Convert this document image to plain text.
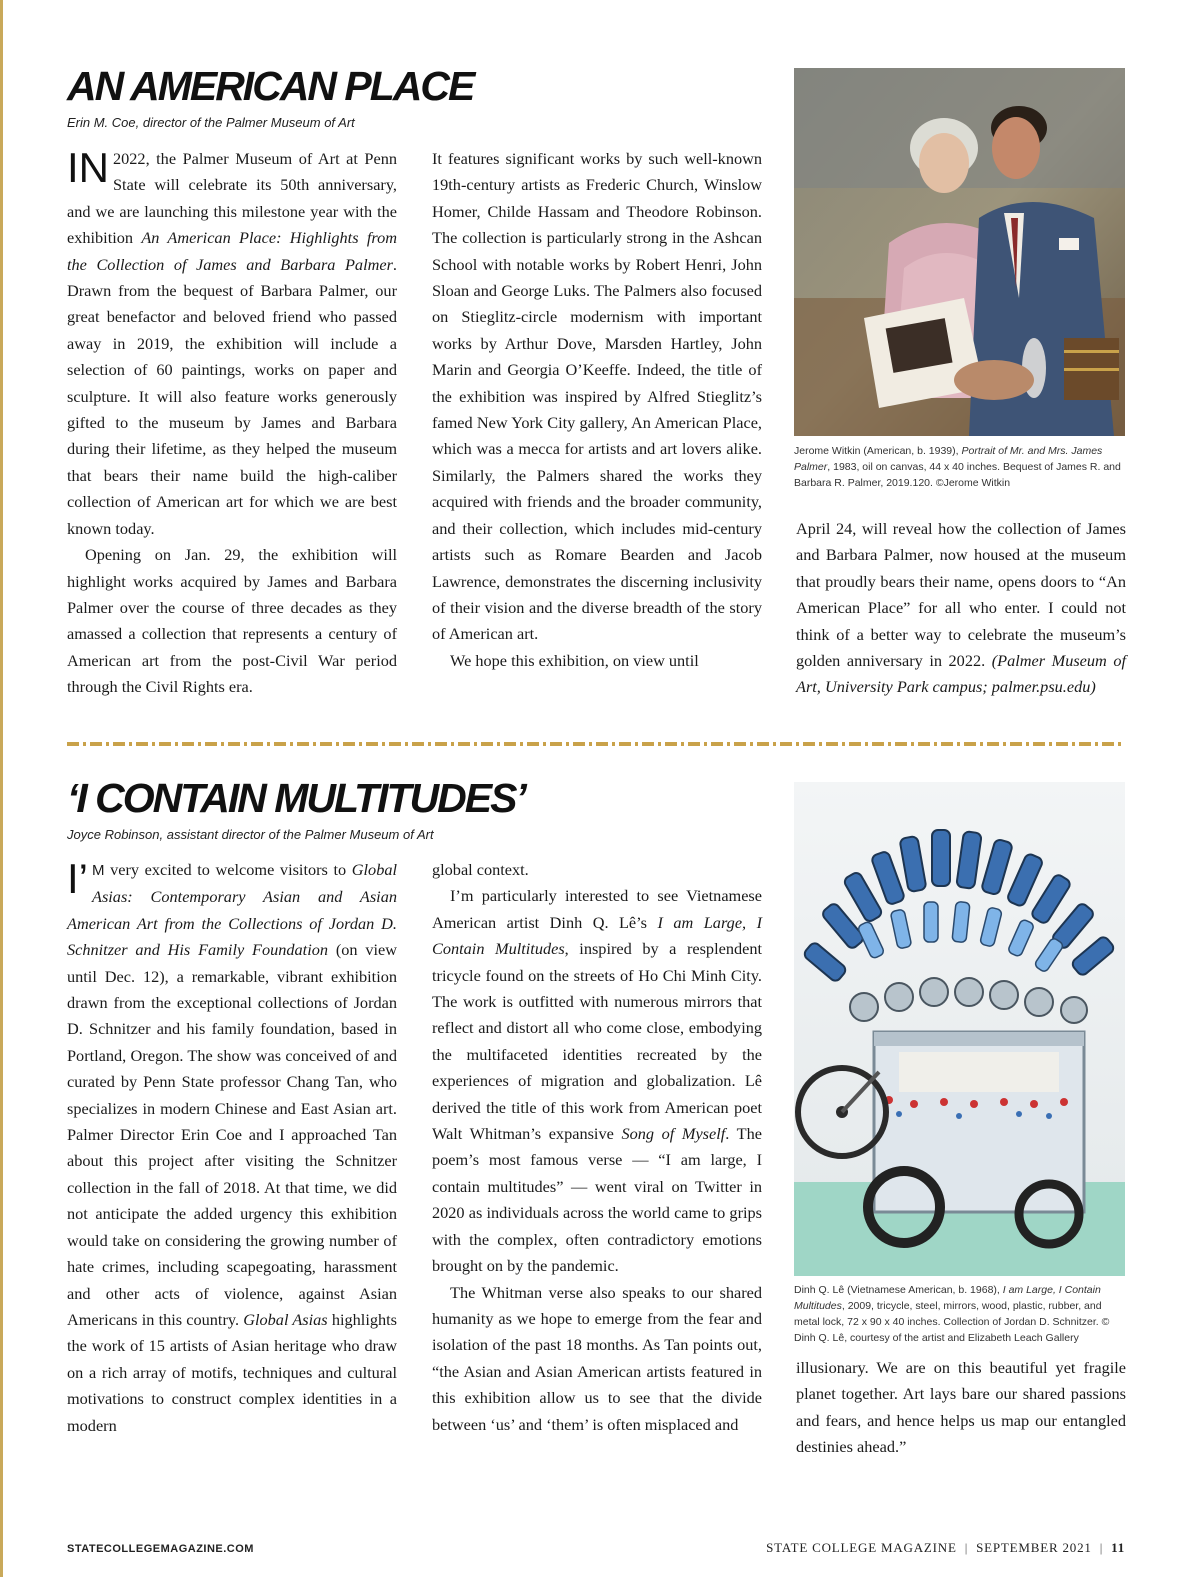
AN AMERICAN PLACE
Erin M. Coe, director of the Palmer Museum of Art

IN 2022, the Palmer Museum of Art at Penn State will celebrate its 50th anniversary, and we are launching this milestone year with the exhibition An American Place: Highlights from the Collection of James and Barbara Palmer. Drawn from the bequest of Barbara Palmer, our great benefactor and beloved friend who passed away in 2019, the exhibition will include a selection of 60 paintings, works on paper and sculpture. It will also feature works generously gifted to the museum by James and Barbara during their lifetime, as they helped the museum that bears their name build the high-caliber collection of American art for which we are best known today.

Opening on Jan. 29, the exhibition will highlight works acquired by James and Barbara Palmer over the course of three decades as they amassed a collection that represents a century of American art from the post-Civil War period through the Civil Rights era.

It features significant works by such well-known 19th-century artists as Frederic Church, Winslow Homer, Childe Hassam and Theodore Robinson. The collection is particularly strong in the Ashcan School with notable works by Robert Henri, John Sloan and George Luks. The Palmers also focused on Stieglitz-circle modernism with important works by Arthur Dove, Marsden Hartley, John Marin and Georgia O’Keeffe. Indeed, the title of the exhibition was inspired by Alfred Stieglitz’s famed New York City gallery, An American Place, which was a mecca for artists and art lovers alike. Similarly, the Palmers shared the works they acquired with friends and the broader community, and their collection, which includes mid-century artists such as Romare Bearden and Jacob Lawrence, demonstrates the discerning inclusivity of their vision and the diverse breadth of the story of American art.

We hope this exhibition, on view until

Jerome Witkin (American, b. 1939), Portrait of Mr. and Mrs. James Palmer, 1983, oil on canvas, 44 x 40 inches. Bequest of James R. and Barbara R. Palmer, 2019.120. ©Jerome Witkin

April 24, will reveal how the collection of James and Barbara Palmer, now housed at the museum that proudly bears their name, opens doors to “An American Place” for all who enter. I could not think of a better way to celebrate the museum’s golden anniversary in 2022. (Palmer Museum of Art, University Park campus; palmer.psu.edu)

‘I CONTAIN MULTITUDES’
Joyce Robinson, assistant director of the Palmer Museum of Art

I’ M very excited to welcome visitors to Global Asias: Contemporary Asian and Asian American Art from the Collections of Jordan D. Schnitzer and His Family Foundation (on view until Dec. 12), a remarkable, vibrant exhibition drawn from the exceptional collections of Jordan D. Schnitzer and his family foundation, based in Portland, Oregon. The show was conceived of and curated by Penn State professor Chang Tan, who specializes in modern Chinese and East Asian art. Palmer Director Erin Coe and I approached Tan about this project after visiting the Schnitzer collection in the fall of 2018. At that time, we did not anticipate the added urgency this exhibition would take on considering the growing number of hate crimes, including scapegoating, harassment and other acts of violence, against Asian Americans in this country. Global Asias highlights the work of 15 artists of Asian heritage who draw on a rich array of motifs, techniques and cultural motivations to construct complex identities in a modern

global context.

I’m particularly interested to see Vietnamese American artist Dinh Q. Lê’s I am Large, I Contain Multitudes, inspired by a resplendent tricycle found on the streets of Ho Chi Minh City. The work is outfitted with numerous mirrors that reflect and distort all who come close, embodying the multifaceted identities recreated by the experiences of migration and globalization. Lê derived the title of this work from American poet Walt Whitman’s expansive Song of Myself. The poem’s most famous verse — “I am large, I contain multitudes” — went viral on Twitter in 2020 as individuals across the world came to grips with the complex, often contradictory emotions brought on by the pandemic.

The Whitman verse also speaks to our shared humanity as we hope to emerge from the fear and isolation of the past 18 months. As Tan points out, “the Asian and Asian American artists featured in this exhibition allow us to see that the divide between ‘us’ and ‘them’ is often misplaced and

Dinh Q. Lê (Vietnamese American, b. 1968), I am Large, I Contain Multitudes, 2009, tricycle, steel, mirrors, wood, plastic, rubber, and metal lock, 72 x 90 x 40 inches. Collection of Jordan D. Schnitzer. © Dinh Q. Lê, courtesy of the artist and Elizabeth Leach Gallery

illusionary. We are on this beautiful yet fragile planet together. Art lays bare our shared passions and fears, and hence helps us map our entangled destinies ahead.”

STATECOLLEGEMAGAZINE.COM	STATE COLLEGE MAGAZINE | SEPTEMBER 2021 | 11
